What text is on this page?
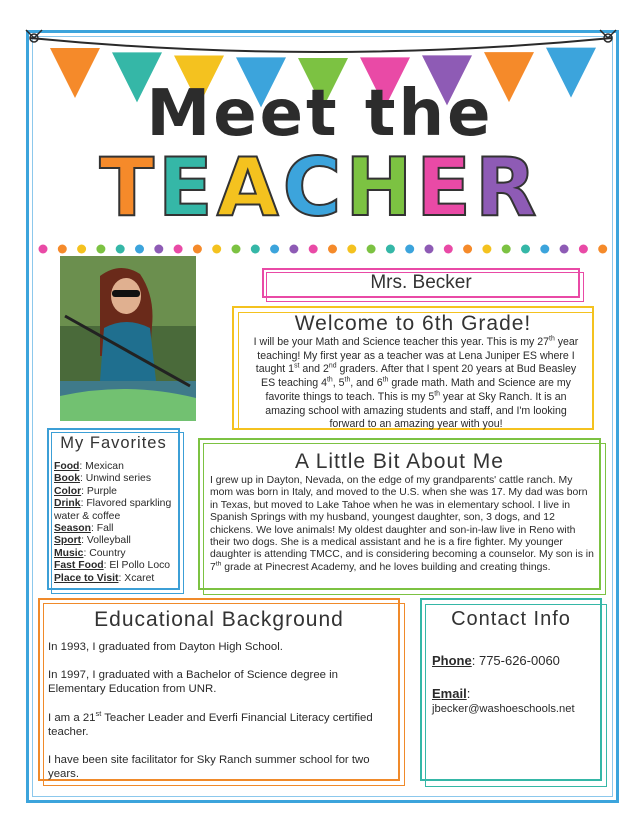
Meet the
TEACHER
Mrs. Becker
Welcome to 6th Grade!
I will be your Math and Science teacher this year. This is my 27th year teaching! My first year as a teacher was at Lena Juniper ES where I taught 1st and 2nd graders. After that I spent 20 years at Bud Beasley ES teaching 4th, 5th, and 6th grade math. Math and Science are my favorite things to teach. This is my 5th year at Sky Ranch. It is an amazing school with amazing students and staff, and I'm looking forward to an amazing year with you!
My Favorites
Food: Mexican
Book: Unwind series
Color: Purple
Drink: Flavored sparkling water & coffee
Season: Fall
Sport: Volleyball
Music: Country
Fast Food: El Pollo Loco
Place to Visit: Xcaret
A Little Bit About Me
I grew up in Dayton, Nevada, on the edge of my grandparents' cattle ranch. My mom was born in Italy, and moved to the U.S. when she was 17. My dad was born in Texas, but moved to Lake Tahoe when he was in elementary school. I live in Spanish Springs with my husband, youngest daughter, son, 3 dogs, and 12 chickens. We love animals! My oldest daughter and son-in-law live in Reno with their two dogs. She is a medical assistant and he is a fire fighter. My younger daughter is attending TMCC, and is considering becoming a counselor. My son is in 7th grade at Pinecrest Academy, and he loves building and creating things.
Educational Background

In 1993, I graduated from Dayton High School.

In 1997, I graduated with a Bachelor of Science degree in Elementary Education from UNR.

I am a 21st Teacher Leader and Everfi Financial Literacy certified teacher.

I have been site facilitator for Sky Ranch summer school for two years.

Contact Info
Phone: 775-626-0060
Email:
jbecker@washoeschools.net
